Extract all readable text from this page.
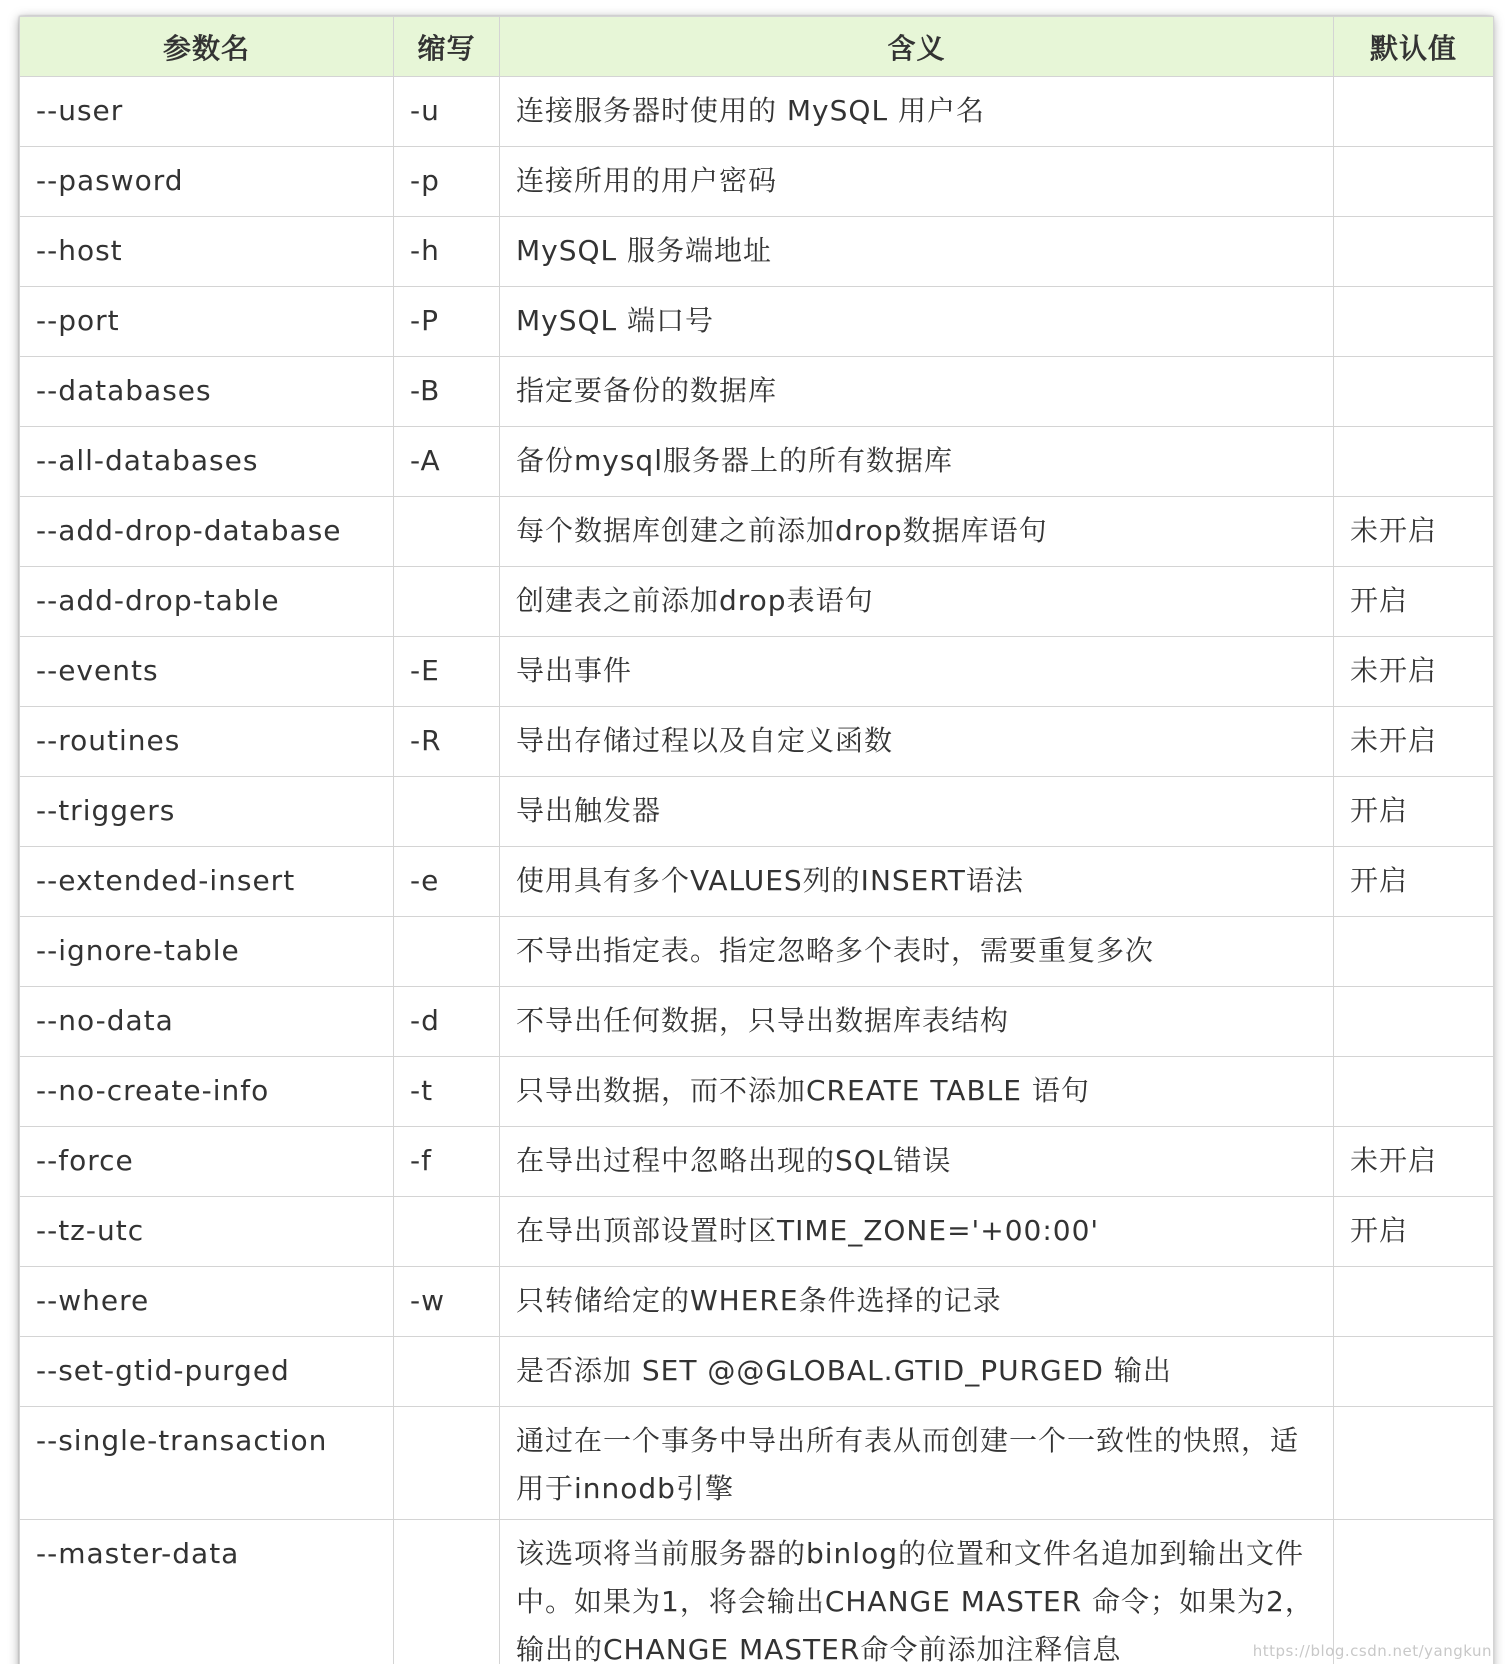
参数名	缩写	含义	默认值
--user	-u	连接服务器时使用的 MySQL 用户名	
--pasword	-p	连接所用的用户密码	
--host	-h	MySQL 服务端地址	
--port	-P	MySQL 端口号	
--databases	-B	指定要备份的数据库	
--all-databases	-A	备份mysql服务器上的所有数据库	
--add-drop-database		每个数据库创建之前添加drop数据库语句	未开启
--add-drop-table		创建表之前添加drop表语句	开启
--events	-E	导出事件	未开启
--routines	-R	导出存储过程以及自定义函数	未开启
--triggers		导出触发器	开启
--extended-insert	-e	使用具有多个VALUES列的INSERT语法	开启
--ignore-table		不导出指定表。指定忽略多个表时，需要重复多次	
--no-data	-d	不导出任何数据，只导出数据库表结构	
--no-create-info	-t	只导出数据，而不添加CREATE TABLE 语句	
--force	-f	在导出过程中忽略出现的SQL错误	未开启
--tz-utc		在导出顶部设置时区TIME_ZONE='+00:00'	开启
--where	-w	只转储给定的WHERE条件选择的记录	
--set-gtid-purged		是否添加 SET @@GLOBAL.GTID_PURGED 输出	
--single-transaction		通过在一个事务中导出所有表从而创建一个一致性的快照，适用于innodb引擎	
--master-data		该选项将当前服务器的binlog的位置和文件名追加到输出文件中。如果为1，将会输出CHANGE MASTER 命令；如果为2，输出的CHANGE MASTER命令前添加注释信息		https://blog.csdn.net/yangkun
